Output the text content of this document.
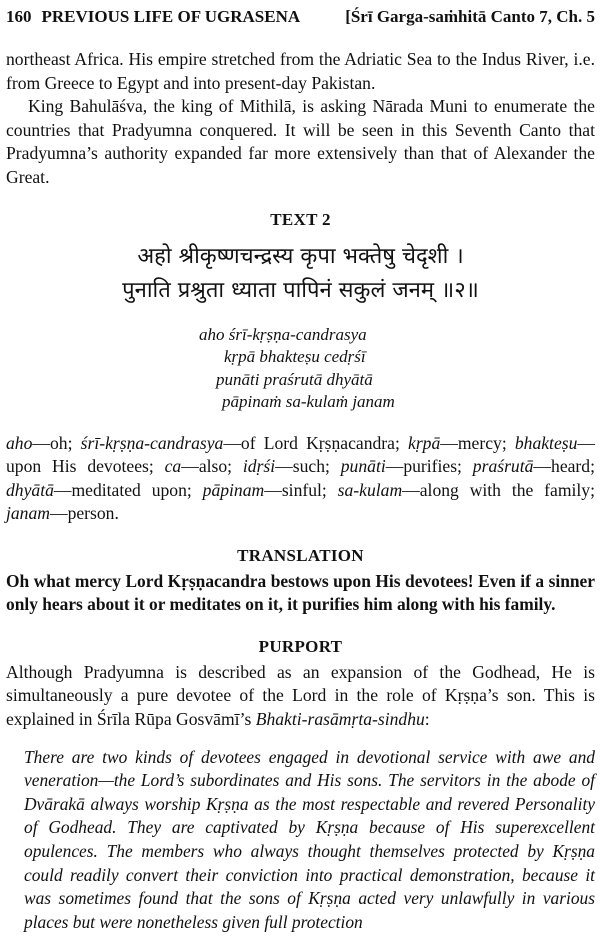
160 PREVIOUS LIFE OF UGRASENA	[Śrī Garga-saṁhitā Canto 7, Ch. 5

northeast Africa. His empire stretched from the Adriatic Sea to the Indus River, i.e. from Greece to Egypt and into present-day Pakistan.

King Bahulāśva, the king of Mithilā, is asking Nārada Muni to enumerate the countries that Pradyumna conquered. It will be seen in this Seventh Canto that Pradyumna’s authority expanded far more extensively than that of Alexander the Great.

TEXT 2

अहो श्रीकृष्णचन्द्रस्य कृपा भक्तेषु चेदृशी ।
पुनाति प्रश्रुता ध्याता पापिनं सकुलं जनम् ॥२॥
aho śrī-kṛṣṇa-candrasya
kṛpā bhakteṣu cedṛśī
punāti praśrutā dhyātā
pāpinaṁ sa-kulaṁ janam

aho—oh; śrī-kṛṣṇa-candrasya—of Lord Kṛṣṇacandra; kṛpā—mercy; bhakteṣu—upon His devotees; ca—also; idṛśi—such; punāti—purifies; praśrutā—heard; dhyātā—meditated upon; pāpinam—sinful; sa-kulam—along with the family; janam—person.

TRANSLATION

Oh what mercy Lord Kṛṣṇacandra bestows upon His devotees! Even if a sinner only hears about it or meditates on it, it purifies him along with his family.

PURPORT

Although Pradyumna is described as an expansion of the Godhead, He is simultaneously a pure devotee of the Lord in the role of Kṛṣṇa’s son. This is explained in Śrīla Rūpa Gosvāmī’s Bhakti-rasāmṛta-sindhu:

There are two kinds of devotees engaged in devotional service with awe and veneration—the Lord’s subordinates and His sons. The servitors in the abode of Dvārakā always worship Kṛṣṇa as the most respectable and revered Personality of Godhead. They are captivated by Kṛṣṇa because of His superexcellent opulences. The members who always thought themselves protected by Kṛṣṇa could readily convert their conviction into practical demonstration, because it was sometimes found that the sons of Kṛṣṇa acted very unlawfully in various places but were nonetheless given full protection
